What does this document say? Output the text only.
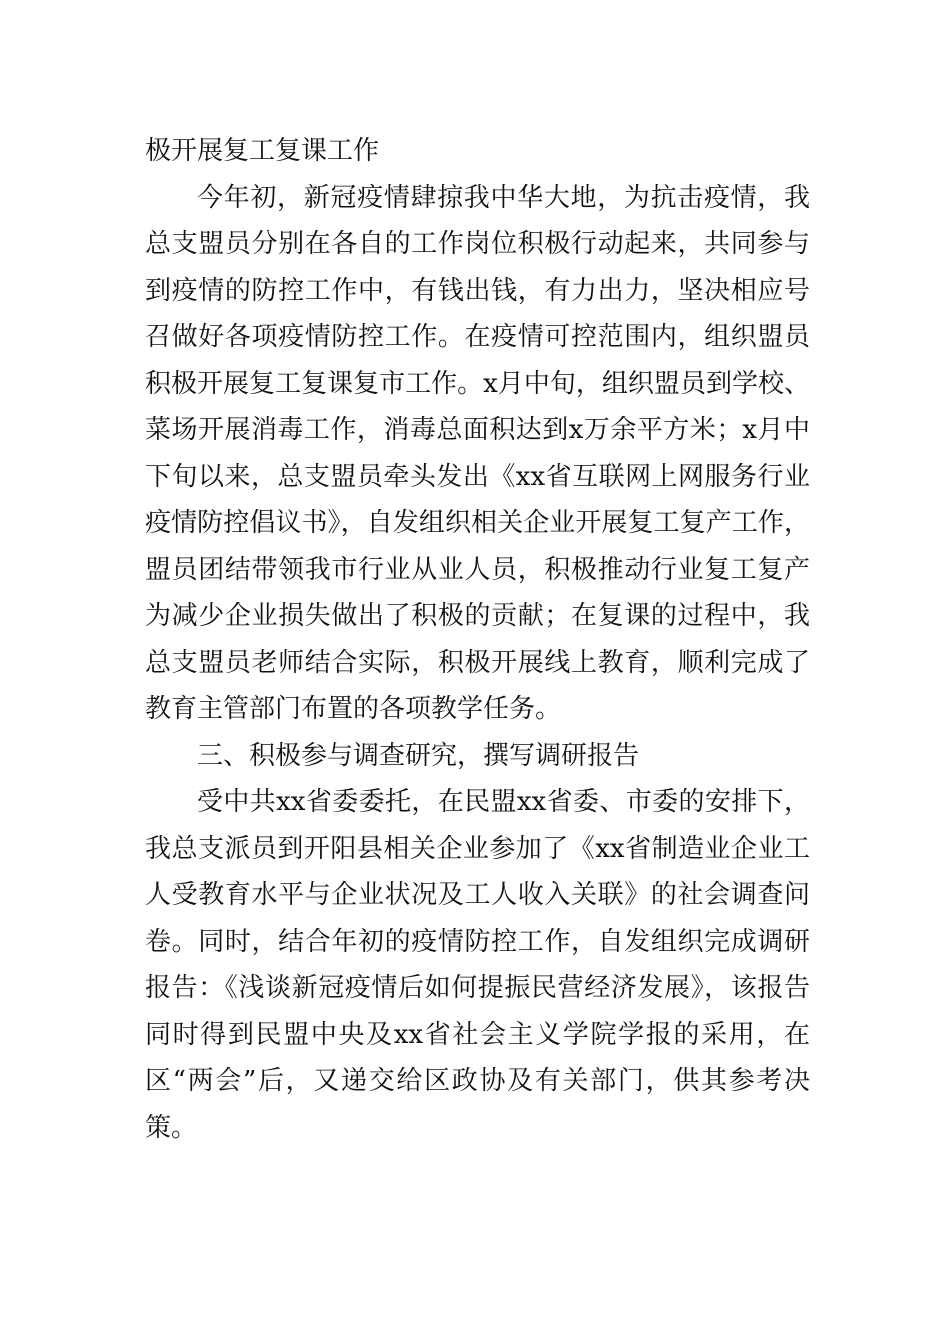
极开展复工复课工作

今年初，新冠疫情肆掠我中华大地，为抗击疫情，我总支盟员分别在各自的工作岗位积极行动起来，共同参与到疫情的防控工作中，有钱出钱，有力出力，坚决相应号召做好各项疫情防控工作。在疫情可控范围内，组织盟员积极开展复工复课复市工作。x月中旬，组织盟员到学校、菜场开展消毒工作，消毒总面积达到x万余平方米；x月中下旬以来，总支盟员牵头发出《xx省互联网上网服务行业疫情防控倡议书》，自发组织相关企业开展复工复产工作，盟员团结带领我市行业从业人员，积极推动行业复工复产为减少企业损失做出了积极的贡献；在复课的过程中，我总支盟员老师结合实际，积极开展线上教育，顺利完成了教育主管部门布置的各项教学任务。

三、积极参与调查研究，撰写调研报告

受中共xx省委委托，在民盟xx省委、市委的安排下，我总支派员到开阳县相关企业参加了《xx省制造业企业工人受教育水平与企业状况及工人收入关联》的社会调查问卷。同时，结合年初的疫情防控工作，自发组织完成调研报告：《浅谈新冠疫情后如何提振民营经济发展》，该报告同时得到民盟中央及xx省社会主义学院学报的采用，在区“两会”后，又递交给区政协及有关部门，供其参考决策。
